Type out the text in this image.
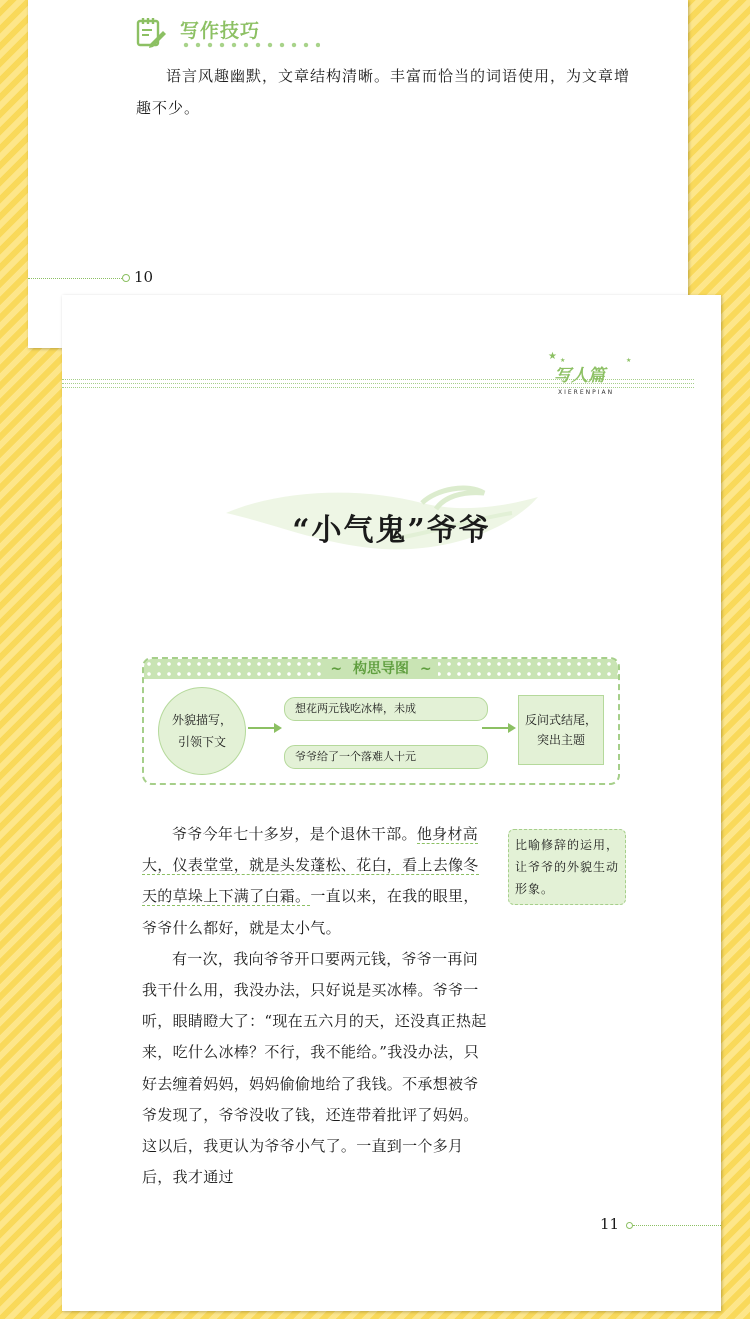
写作技巧
语言风趣幽默，文章结构清晰。丰富而恰当的词语使用，为文章增趣不少。
10
★ ★	★
写人篇
XIERENPIAN
“小气鬼”爷爷
~ 构思导图 ~
外貌描写，引领下文
想花两元钱吃冰棒，未成
爷爷给了一个落难人十元
反问式结尾，突出主题

爷爷今年七十多岁，是个退休干部。他身材高大，仪表堂堂，就是头发蓬松、花白，看上去像冬天的草垛上下满了白霜。一直以来，在我的眼里，爷爷什么都好，就是太小气。

有一次，我向爷爷开口要两元钱，爷爷一再问我干什么用，我没办法，只好说是买冰棒。爷爷一听，眼睛瞪大了：“现在五六月的天，还没真正热起来，吃什么冰棒？不行，我不能给。”我没办法，只好去缠着妈妈，妈妈偷偷地给了我钱。不承想被爷爷发现了，爷爷没收了钱，还连带着批评了妈妈。这以后，我更认为爷爷小气了。一直到一个多月后，我才通过

比喻修辞的运用，让爷爷的外貌生动形象。
11
